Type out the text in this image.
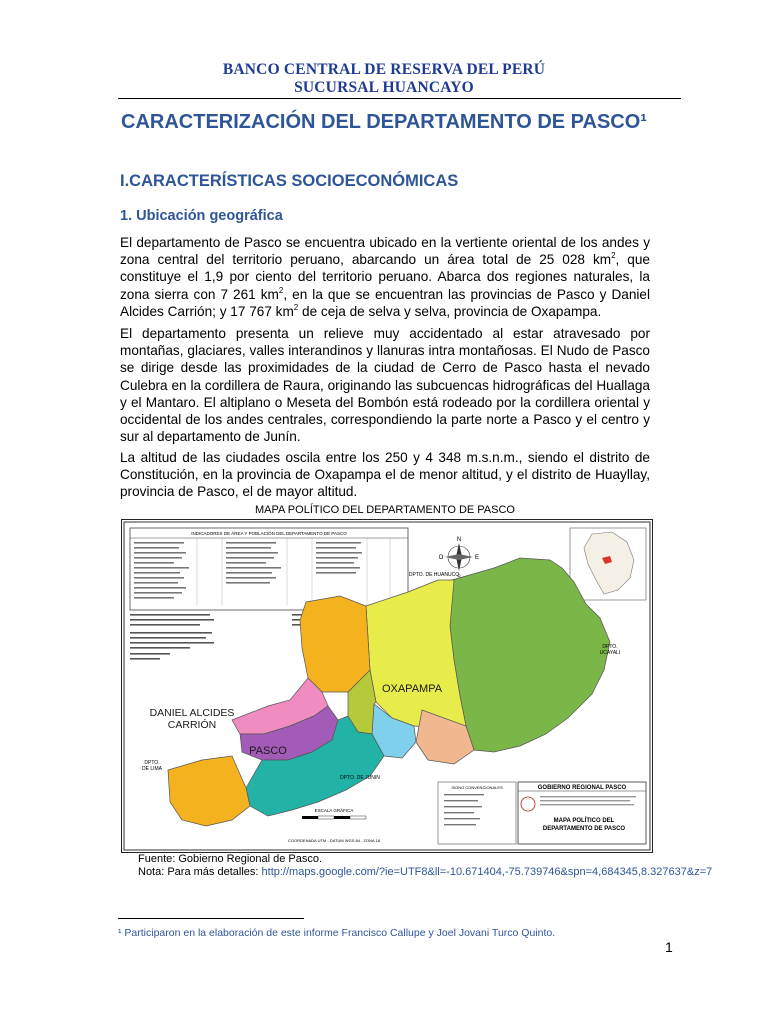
BANCO CENTRAL DE RESERVA DEL PERÚ
SUCURSAL HUANCAYO
CARACTERIZACIÓN DEL DEPARTAMENTO DE PASCO¹
I.CARACTERÍSTICAS SOCIOECONÓMICAS
1. Ubicación geográfica
El departamento de Pasco se encuentra ubicado en la vertiente oriental de los andes y zona central del territorio peruano, abarcando un área total de 25 028 $km^2$, que constituye el 1,9 por ciento del territorio peruano. Abarca dos regiones naturales, la zona sierra con 7 261 $km^2$, en la que se encuentran las provincias de Pasco y Daniel Alcides Carrión; y 17 767 $km^2$ de ceja de selva y selva, provincia de Oxapampa.
El departamento presenta un relieve muy accidentado al estar atravesado por montañas, glaciares, valles interandinos y llanuras intra montañosas. El Nudo de Pasco se dirige desde las proximidades de la ciudad de Cerro de Pasco hasta el nevado Culebra en la cordillera de Raura, originando las subcuencas hidrográficas del Huallaga y el Mantaro. El altiplano o Meseta del Bombón está rodeado por la cordillera oriental y occidental de los andes centrales, correspondiendo la parte norte a Pasco y el centro y sur al departamento de Junín.
La altitud de las ciudades oscila entre los 250 y 4 348 m.s.n.m., siendo el distrito de Constitución, en la provincia de Oxapampa el de menor altitud, y el distrito de Huayllay, provincia de Pasco, el de mayor altitud.
MAPA POLÍTICO DEL DEPARTAMENTO DE PASCO
INDICADORES DE ÁREA Y POBLACIÓN DEL DEPARTAMENTO DE PASCO
N
E
O
OXAPAMPA
DANIEL ALCIDES
CARRIÓN
PASCO
DPTO. DE HUANUCO
DPTO.
UCAYALI
DPTO.
DE LIMA
DPTO. DE JUNIN
ESCALA GRÁFICA
COORDENADA UTM - DATUM WGS 84 - ZONA 18
SIGNO CONVENCIONALES	GOBIERNO REGIONAL PASCO
MAPA POLÍTICO DEL
DEPARTAMENTO DE PASCO
Fuente: Gobierno Regional de Pasco.
Nota: Para más detalles: http://maps.google.com/?ie=UTF8&ll=-10.671404,-75.739746&spn=4,684345,8.327637&z=7
¹ Participaron en la elaboración de este informe Francisco Callupe y Joel Jovani Turco Quinto.
1
